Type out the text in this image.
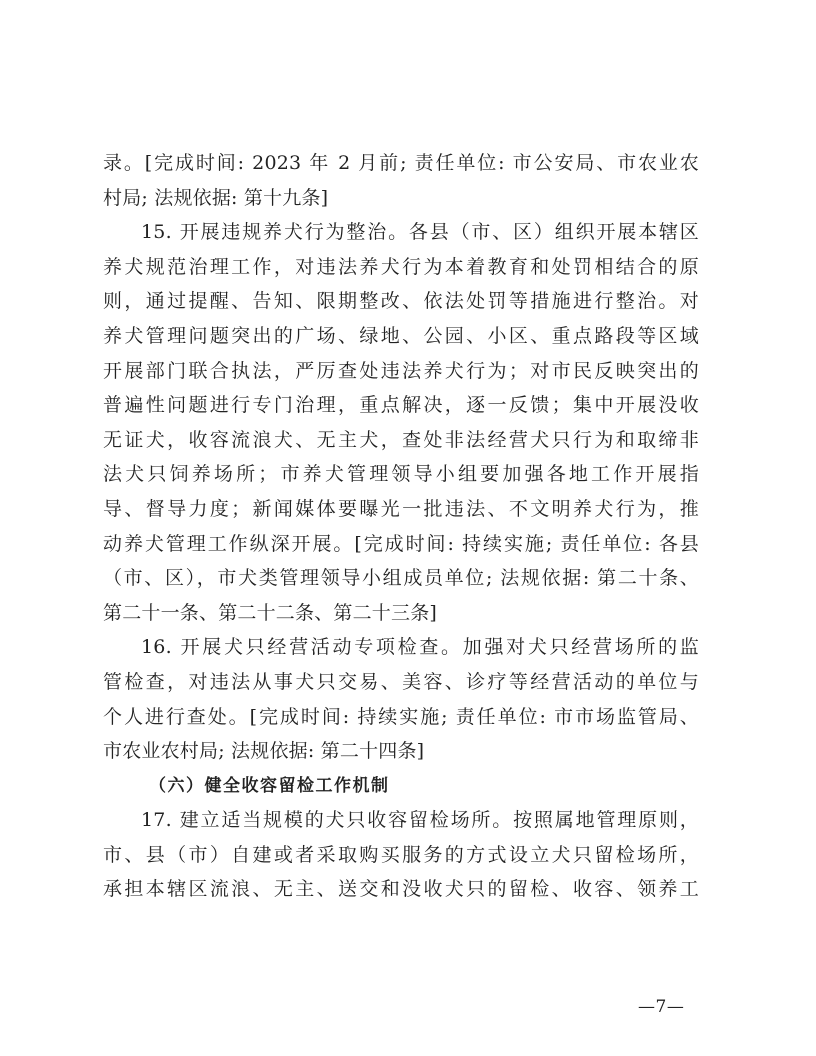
录。[完成时间: 2023 年 2 月前; 责任单位: 市公安局、市农业农
村局; 法规依据: 第十九条]
15. 开展违规养犬行为整治。各县（市、区）组织开展本辖区
养犬规范治理工作，对违法养犬行为本着教育和处罚相结合的原
则，通过提醒、告知、限期整改、依法处罚等措施进行整治。对
养犬管理问题突出的广场、绿地、公园、小区、重点路段等区域
开展部门联合执法，严厉查处违法养犬行为；对市民反映突出的
普遍性问题进行专门治理，重点解决，逐一反馈；集中开展没收
无证犬，收容流浪犬、无主犬，查处非法经营犬只行为和取缔非
法犬只饲养场所；市养犬管理领导小组要加强各地工作开展指
导、督导力度；新闻媒体要曝光一批违法、不文明养犬行为，推
动养犬管理工作纵深开展。[完成时间: 持续实施; 责任单位: 各县
（市、区），市犬类管理领导小组成员单位; 法规依据: 第二十条、
第二十一条、第二十二条、第二十三条]
16. 开展犬只经营活动专项检查。加强对犬只经营场所的监
管检查，对违法从事犬只交易、美容、诊疗等经营活动的单位与
个人进行查处。[完成时间: 持续实施; 责任单位: 市市场监管局、
市农业农村局; 法规依据: 第二十四条]
（六）健全收容留检工作机制
17. 建立适当规模的犬只收容留检场所。按照属地管理原则，
市、县（市）自建或者采取购买服务的方式设立犬只留检场所，
承担本辖区流浪、无主、送交和没收犬只的留检、收容、领养工
—7—
